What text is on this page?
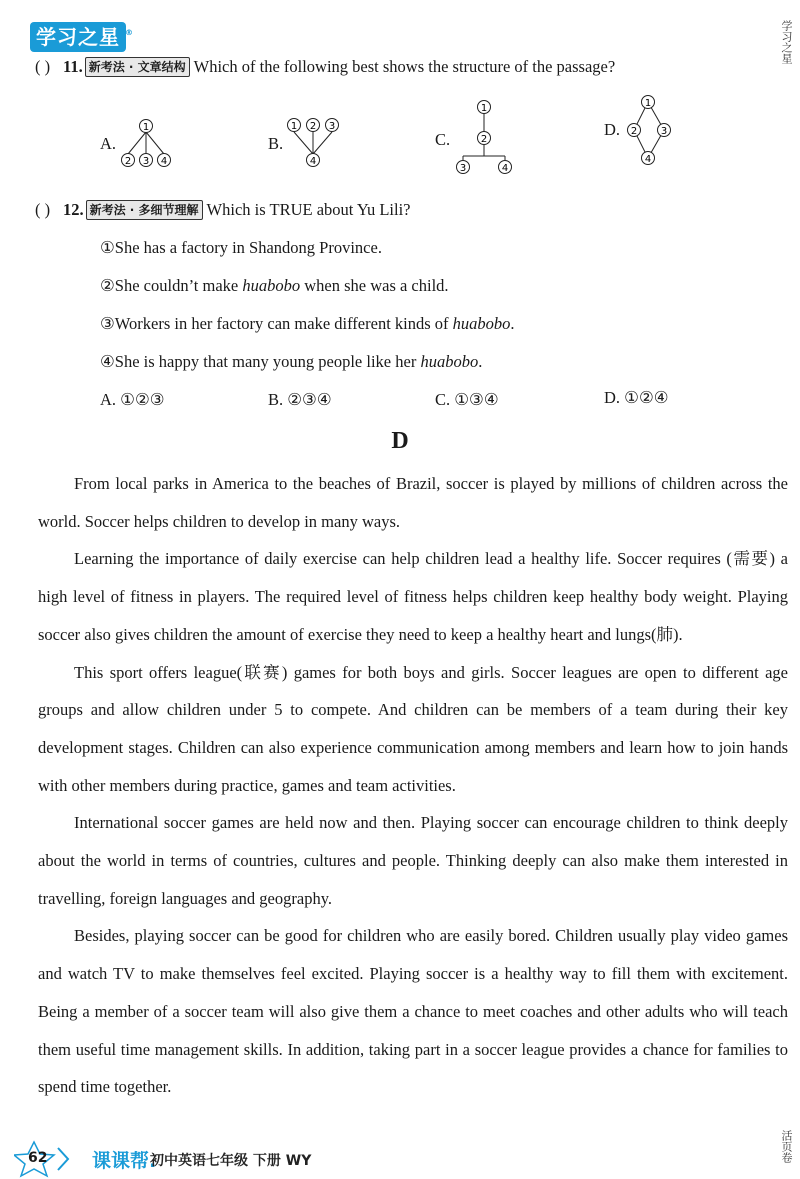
学习之星 ®	学习之星
活页卷
( ) 11. 新考法 · 文章结构 Which of the following best shows the structure of the passage?
A.
1
2 3 4
B.
1 2 3
4
C.
1
2
3	4
D.
1
2 3
4
( ) 12. 新考法 · 多细节理解 Which is TRUE about Yu Lili?
①She has a factory in Shandong Province.
②She couldn’t make huabobo when she was a child.
③Workers in her factory can make different kinds of huabobo.
④She is happy that many young people like her huabobo.
A. ①②③	B. ②③④	C. ①③④	D. ①②④
D

From local parks in America to the beaches of Brazil, soccer is played by millions of children across the world. Soccer helps children to develop in many ways.

Learning the importance of daily exercise can help children lead a healthy life. Soccer requires (需要) a high level of fitness in players. The required level of fitness helps children keep healthy body weight. Playing soccer also gives children the amount of exercise they need to keep a healthy heart and lungs(肺).

This sport offers league(联赛) games for both boys and girls. Soccer leagues are open to different age groups and allow children under 5 to compete. And children can be members of a team during their key development stages. Children can also experience communication among members and learn how to join hands with other members during practice, games and team activities.

International soccer games are held now and then. Playing soccer can encourage children to think deeply about the world in terms of countries, cultures and people. Thinking deeply can also make them interested in travelling, foreign languages and geography.

Besides, playing soccer can be good for children who are easily bored. Children usually play video games and watch TV to make themselves feel excited. Playing soccer is a healthy way to fill them with excitement. Being a member of a soccer team will also give them a chance to meet coaches and other adults who will teach them useful time management skills. In addition, taking part in a soccer league provides a chance for families to spend time together.

62 课课帮.
初中英语七年级 下册 WY
